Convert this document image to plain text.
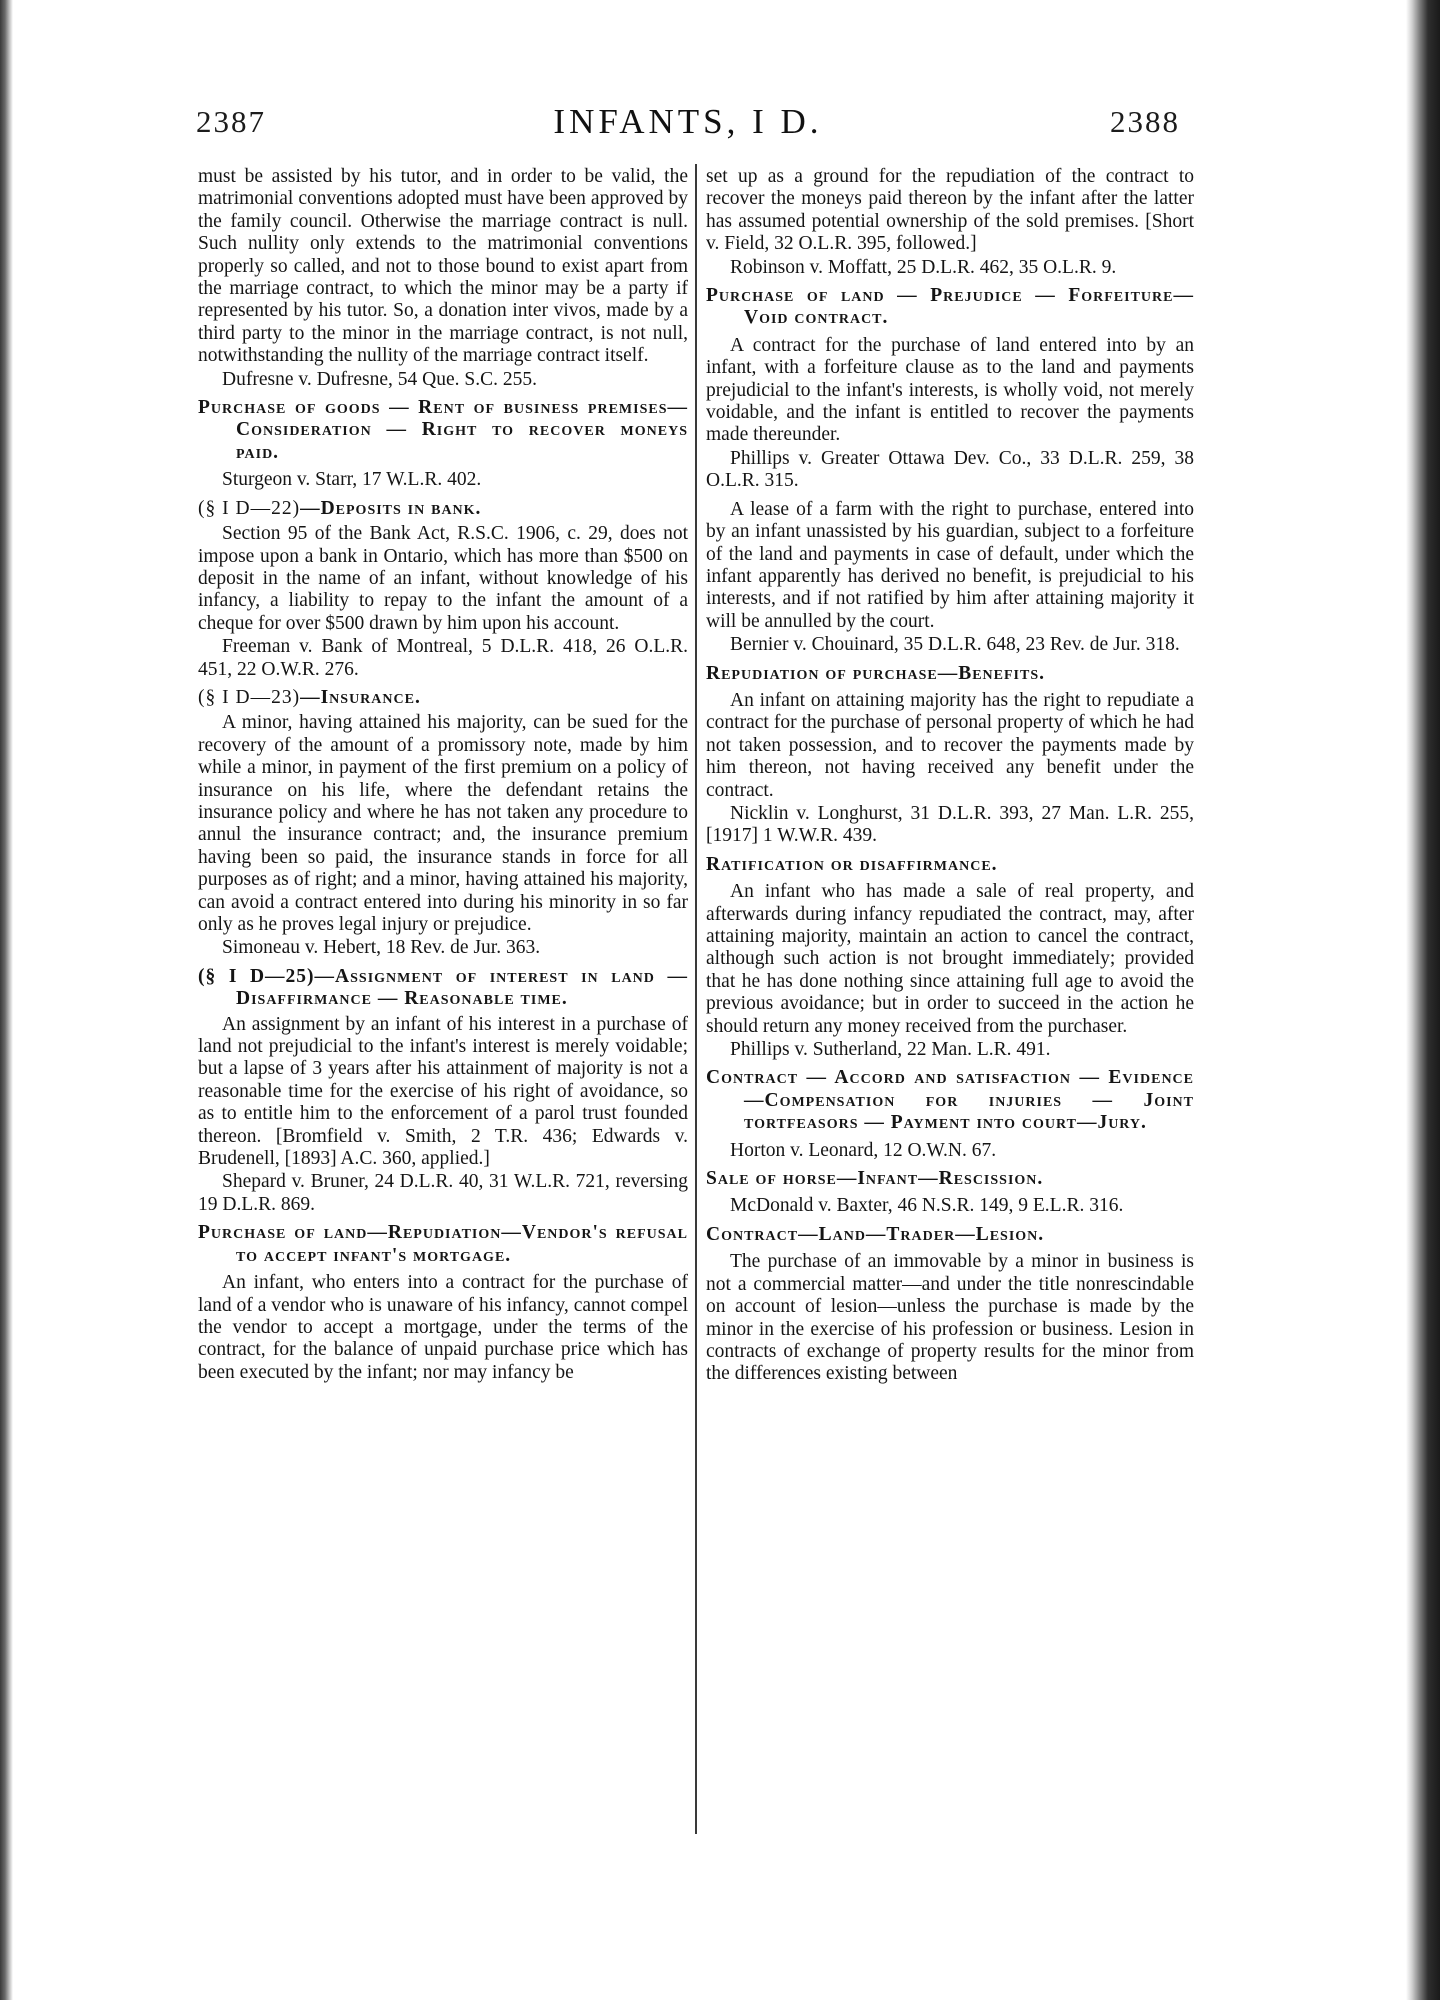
2387	INFANTS, I D.	2388

must be assisted by his tutor, and in order to be valid, the matrimonial conventions adopted must have been approved by the family council. Otherwise the marriage contract is null. Such nullity only extends to the matrimonial conventions properly so called, and not to those bound to exist apart from the marriage contract, to which the minor may be a party if represented by his tutor. So, a donation inter vivos, made by a third party to the minor in the marriage contract, is not null, notwithstanding the nullity of the marriage contract itself.

Dufresne v. Dufresne, 54 Que. S.C. 255.

Purchase of goods — Rent of business premises—Consideration — Right to recover moneys paid.

Sturgeon v. Starr, 17 W.L.R. 402.

(§ I D—22)—Deposits in bank.

Section 95 of the Bank Act, R.S.C. 1906, c. 29, does not impose upon a bank in Ontario, which has more than $500 on deposit in the name of an infant, without knowledge of his infancy, a liability to repay to the infant the amount of a cheque for over $500 drawn by him upon his account.

Freeman v. Bank of Montreal, 5 D.L.R. 418, 26 O.L.R. 451, 22 O.W.R. 276.

(§ I D—23)—Insurance.

A minor, having attained his majority, can be sued for the recovery of the amount of a promissory note, made by him while a minor, in payment of the first premium on a policy of insurance on his life, where the defendant retains the insurance policy and where he has not taken any procedure to annul the insurance contract; and, the insurance premium having been so paid, the insurance stands in force for all purposes as of right; and a minor, having attained his majority, can avoid a contract entered into during his minority in so far only as he proves legal injury or prejudice.

Simoneau v. Hebert, 18 Rev. de Jur. 363.

(§ I D—25)—Assignment of interest in land — Disaffirmance — Reasonable time.

An assignment by an infant of his interest in a purchase of land not prejudicial to the infant's interest is merely voidable; but a lapse of 3 years after his attainment of majority is not a reasonable time for the exercise of his right of avoidance, so as to entitle him to the enforcement of a parol trust founded thereon. [Bromfield v. Smith, 2 T.R. 436; Edwards v. Brudenell, [1893] A.C. 360, applied.]

Shepard v. Bruner, 24 D.L.R. 40, 31 W.L.R. 721, reversing 19 D.L.R. 869.

Purchase of land—Repudiation—Vendor's refusal to accept infant's mortgage.

An infant, who enters into a contract for the purchase of land of a vendor who is unaware of his infancy, cannot compel the vendor to accept a mortgage, under the terms of the contract, for the balance of unpaid purchase price which has been executed by the infant; nor may infancy be

set up as a ground for the repudiation of the contract to recover the moneys paid thereon by the infant after the latter has assumed potential ownership of the sold premises. [Short v. Field, 32 O.L.R. 395, followed.]

Robinson v. Moffatt, 25 D.L.R. 462, 35 O.L.R. 9.

Purchase of land — Prejudice — Forfeiture—Void contract.

A contract for the purchase of land entered into by an infant, with a forfeiture clause as to the land and payments prejudicial to the infant's interests, is wholly void, not merely voidable, and the infant is entitled to recover the payments made thereunder.

Phillips v. Greater Ottawa Dev. Co., 33 D.L.R. 259, 38 O.L.R. 315.

A lease of a farm with the right to purchase, entered into by an infant unassisted by his guardian, subject to a forfeiture of the land and payments in case of default, under which the infant apparently has derived no benefit, is prejudicial to his interests, and if not ratified by him after attaining majority it will be annulled by the court.

Bernier v. Chouinard, 35 D.L.R. 648, 23 Rev. de Jur. 318.

Repudiation of purchase—Benefits.

An infant on attaining majority has the right to repudiate a contract for the purchase of personal property of which he had not taken possession, and to recover the payments made by him thereon, not having received any benefit under the contract.

Nicklin v. Longhurst, 31 D.L.R. 393, 27 Man. L.R. 255, [1917] 1 W.W.R. 439.

Ratification or disaffirmance.

An infant who has made a sale of real property, and afterwards during infancy repudiated the contract, may, after attaining majority, maintain an action to cancel the contract, although such action is not brought immediately; provided that he has done nothing since attaining full age to avoid the previous avoidance; but in order to succeed in the action he should return any money received from the purchaser.

Phillips v. Sutherland, 22 Man. L.R. 491.

Contract — Accord and satisfaction — Evidence—Compensation for injuries — Joint tortfeasors — Payment into court—Jury.

Horton v. Leonard, 12 O.W.N. 67.

Sale of horse—Infant—Rescission.

McDonald v. Baxter, 46 N.S.R. 149, 9 E.L.R. 316.

Contract—Land—Trader—Lesion.

The purchase of an immovable by a minor in business is not a commercial matter—and under the title nonrescindable on account of lesion—unless the purchase is made by the minor in the exercise of his profession or business. Lesion in contracts of exchange of property results for the minor from the differences existing between
